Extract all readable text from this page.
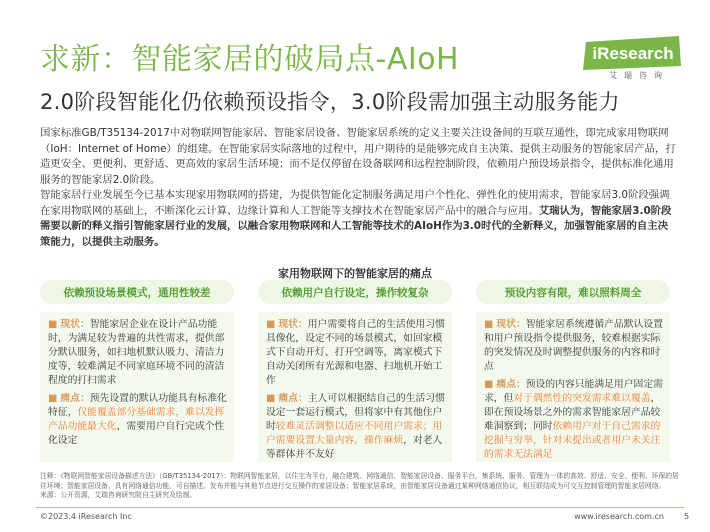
求新：智能家居的破局点-AIoH
2.0阶段智能化仍依赖预设指令，3.0阶段需加强主动服务能力
iResearch
艾瑞咨询

国家标准GB/T35134-2017中对物联网智能家居、智能家居设备、智能家居系统的定义主要关注设备间的互联互通性，即完成家用物联网（IoH：Internet of Home）的组建。在智能家居实际落地的过程中，用户期待的是能够完成自主决策、提供主动服务的智能家居产品，打造更安全、更便利、更舒适、更高效的家居生活环境；而不是仅停留在设备联网和远程控制阶段，依赖用户预设场景指令，提供标准化通用服务的智能家居2.0阶段。

智能家居行业发展至今已基本实现家用物联网的搭建，为提供智能化定制服务满足用户个性化、弹性化的使用需求，智能家居3.0阶段强调在家用物联网的基础上，不断深化云计算、边缘计算和人工智能等支撑技术在智能家居产品中的融合与应用。艾瑞认为，智能家居3.0阶段需要以新的释义指引智能家居行业的发展，以融合家用物联网和人工智能等技术的AIoH作为3.0时代的全新释义，加强智能家居的自主决策能力，以提供主动服务。

家用物联网下的智能家居的痛点
依赖预设场景模式，通用性较差
■ 现状：智能家居企业在设计产品功能时，为满足较为普遍的共性需求，提供部分默认服务，如扫地机默认吸力、清洁力度等，较难满足不同家庭环境不同的清洁程度的打扫需求
■ 痛点：预先设置的默认功能具有标准化特征，仅能覆盖部分基础需求，难以发挥产品功能最大化，需要用户自行完成个性化设定
依赖用户自行设定，操作较复杂
■ 现状：用户需要将自己的生活使用习惯具像化，设定不同的场景模式，如回家模式下自动开灯、打开空调等，离家模式下自动关闭所有光源和电器、扫地机开始工作
■ 痛点：主人可以根据结自己的生活习惯设定一套运行模式，但将家中有其他住户时较难灵活调整以适应不同用户需求；用户需要设置大量内容，操作麻烦，对老人等群体并不友好
预设内容有限，难以照料周全
■ 现状：智能家居系统遵循产品默认设置和用户预设指令提供服务，较难根据实际的突发情况及时调整提供服务的内容和时点
■ 痛点：预设的内容只能满足用户固定需求，但对于偶然性的突发需求难以覆盖，即在预设场景之外的需求智能家居产品较难洞察到；同时依赖用户对于自己需求的挖掘与穷举，针对未提出或者用户未关注的需求无法满足
注释：《物联网智能家居设备描述方法》（GB/T35134-2017）：物联网智能家居，以住宅为平台，融合建筑、网络通信、智能家居设备、服务平台，集系统、服务、管理为一体的高效、舒适、安全、便利、环保的居住环境；智能家居设备，具有网络通信功能，可自描述、发布并能与其他节点进行交互操作的家居设备；智能家居系统，由智能家居设备通过某种网络通信协议，相互联结成为可交互控制管理的智能家居网络。
来源：公开资源，艾瑞咨询研究院自主研究及绘制。
©2023.4 iResearch Inc	www.iresearch.com.cn	5
